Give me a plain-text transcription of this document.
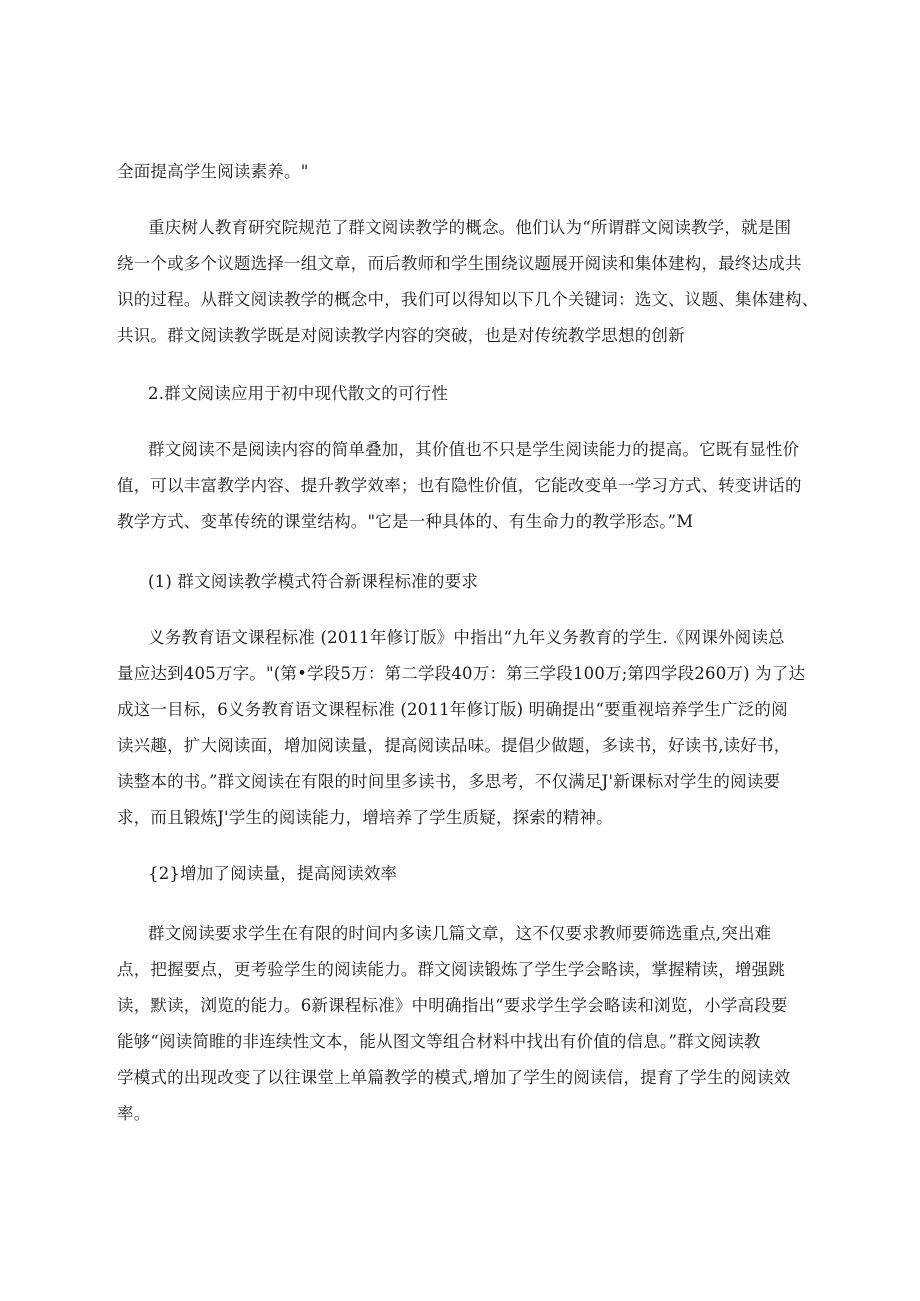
全面提高学生阅读素养。"
重庆树人教育研究院规范了群文阅读教学的概念。他们认为“所谓群文阅读教学，就是围
绕一个或多个议题选择一组文章，而后教师和学生围绕议题展开阅读和集体建构，最终达成共
识的过程。从群文阅读教学的概念中，我们可以得知以下几个关键词：选文、议题、集体建构、
共识。群文阅读教学既是对阅读教学内容的突破，也是对传统教学思想的创新
2.群文阅读应用于初中现代散文的可行性
群文阅读不是阅读内容的简单叠加，其价值也不只是学生阅读能力的提高。它既有显性价
值，可以丰富教学内容、提升教学效率；也有隐性价值，它能改变单一学习方式、转变讲话的
教学方式、变革传统的课堂结构。"它是一种具体的、有生命力的教学形态。”M
(1) 群文阅读教学模式符合新课程标准的要求
义务教育语文课程标准 (2011年修订版》中指出“九年义务教育的学生.《网课外阅读总
量应达到405万字。"(第•学段5万：第二学段40万：第三学段100万;第四学段260万) 为了达
成这一目标，6义务教育语文课程标准 (2011年修订版) 明确提出“要重视培养学生广泛的阅
读兴趣，扩大阅读面，增加阅读量，提高阅读品味。提倡少做题，多读书，好读书,读好书，
读整本的书。”群文阅读在有限的时间里多读书，多思考，不仅满足J'新课标对学生的阅读要
求，而且锻炼J'学生的阅读能力，增培养了学生质疑，探索的精神。
{2}增加了阅读量，提高阅读效率
群文阅读要求学生在有限的时间内多读几篇文章，这不仅要求教师要筛选重点,突出难
点，把握要点，更考验学生的阅读能力。群文阅读锻炼了学生学会略读，掌握精读，增强跳
读，默读，浏览的能力。6新课程标准》中明确指出“要求学生学会略读和浏览，小学高段要
能够“阅读简睢的非连续性文本，能从图文等组合材料中找出有价值的信息。”群文阅读教
学模式的出现改变了以往课堂上单篇教学的模式,增加了学生的阅读信，提育了学生的阅读效
率。
